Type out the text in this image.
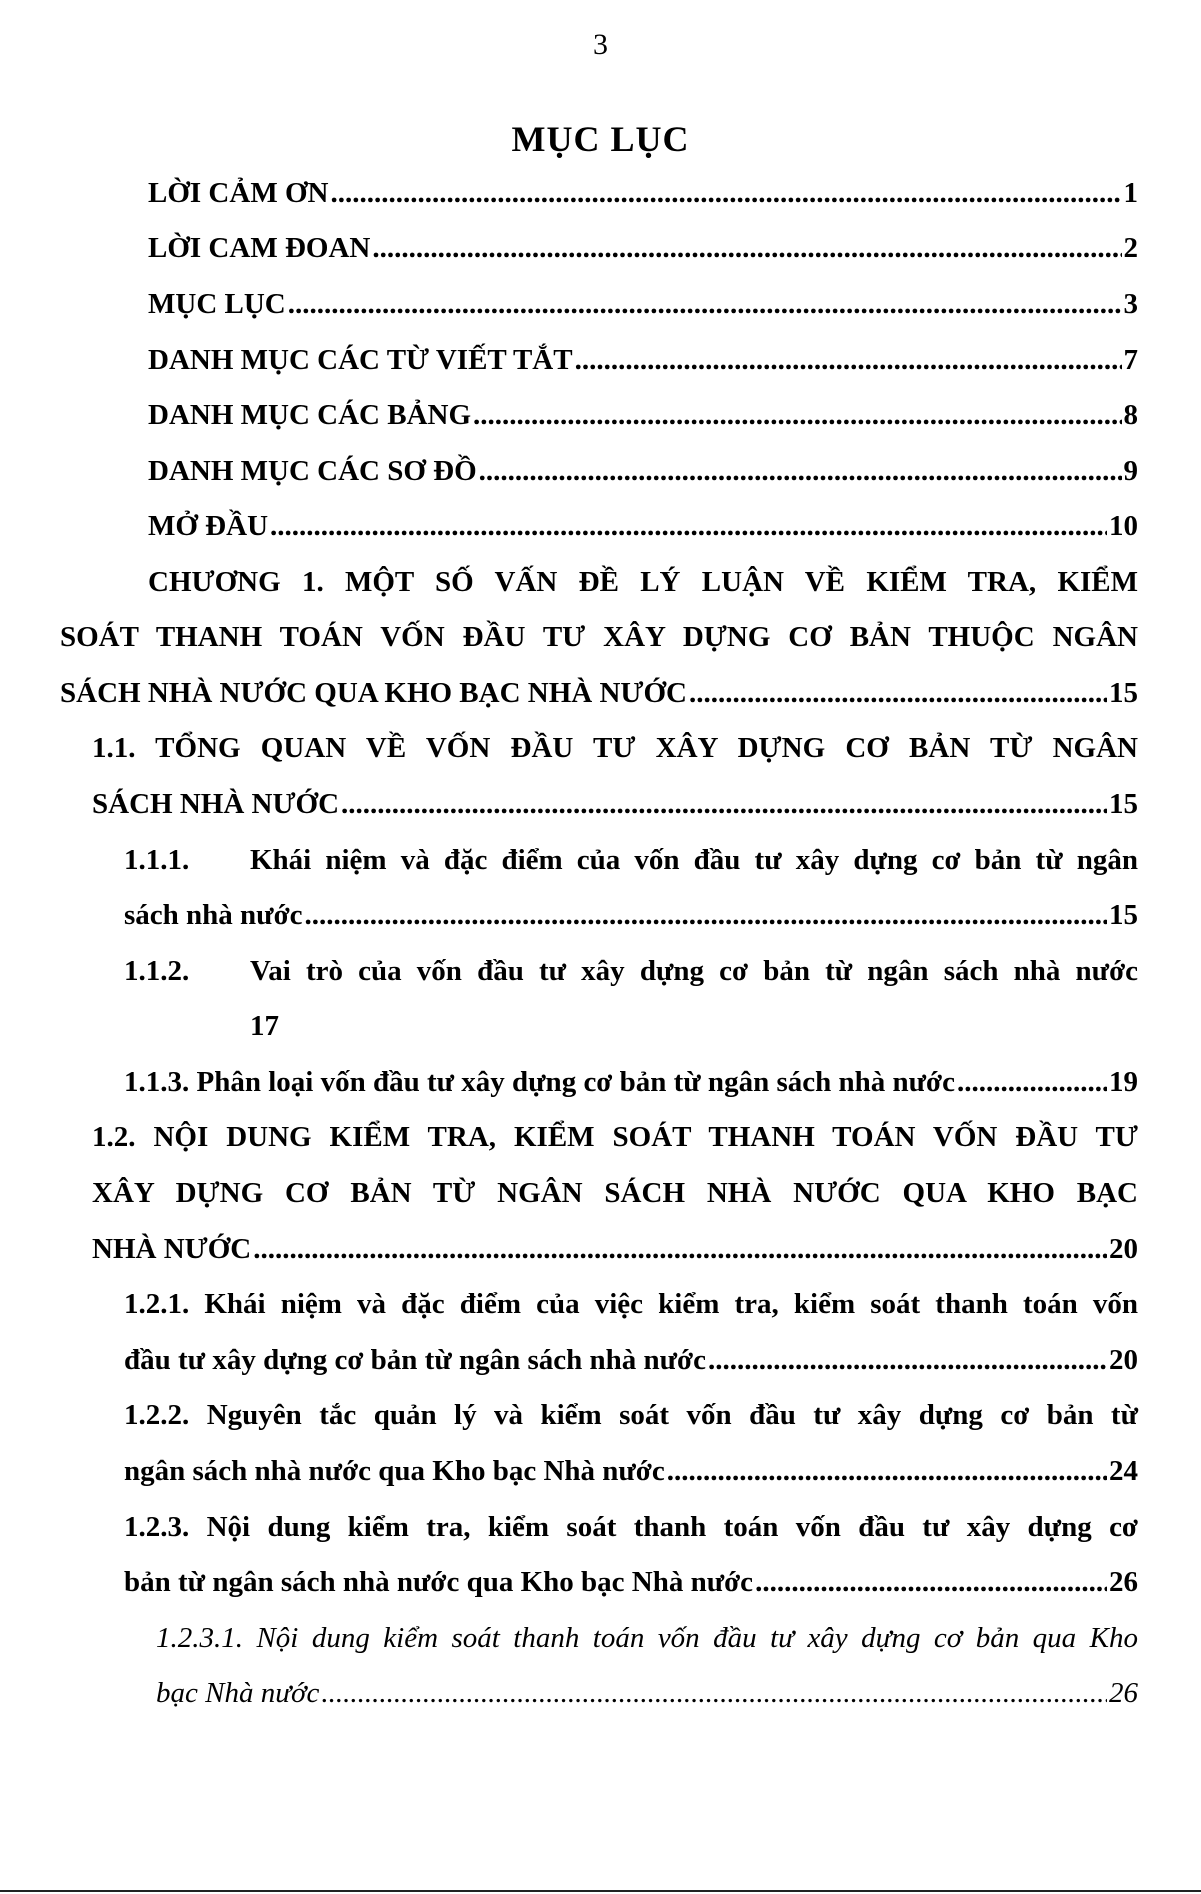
3
MỤC LỤC
LỜI CẢM ƠN .....	1
LỜI CAM ĐOAN .....	2
MỤC LỤC .....	3
DANH MỤC CÁC TỪ VIẾT TẮT .....	7
DANH MỤC CÁC BẢNG .....	8
DANH MỤC CÁC SƠ ĐỒ .....	9
MỞ ĐẦU .....	10
CHƯƠNG 1. MỘT SỐ VẤN ĐỀ LÝ LUẬN VỀ KIỂM TRA, KIỂM
SOÁT THANH TOÁN VỐN ĐẦU TƯ XÂY DỰNG CƠ BẢN THUỘC NGÂN
SÁCH NHÀ NƯỚC QUA KHO BẠC NHÀ NƯỚC .....	15
1.1. TỔNG QUAN VỀ VỐN ĐẦU TƯ XÂY DỰNG CƠ BẢN TỪ NGÂN
SÁCH NHÀ NƯỚC .....	15
1.1.1.	Khái niệm và đặc điểm của vốn đầu tư xây dựng cơ bản từ ngân
sách nhà nước .....	15
1.1.2.	Vai trò của vốn đầu tư xây dựng cơ bản từ ngân sách nhà nước
17
1.1.3. Phân loại vốn đầu tư xây dựng cơ bản từ ngân sách nhà nước .....	19
1.2. NỘI DUNG KIỂM TRA, KIỂM SOÁT THANH TOÁN VỐN ĐẦU TƯ
XÂY DỰNG CƠ BẢN TỪ NGÂN SÁCH NHÀ NƯỚC QUA KHO BẠC
NHÀ NƯỚC .....	20
1.2.1. Khái niệm và đặc điểm của việc kiểm tra, kiểm soát thanh toán vốn
đầu tư xây dựng cơ bản từ ngân sách nhà nước .....	20
1.2.2. Nguyên tắc quản lý và kiểm soát vốn đầu tư xây dựng cơ bản từ
ngân sách nhà nước qua Kho bạc Nhà nước .....	24
1.2.3. Nội dung kiểm tra, kiểm soát thanh toán vốn đầu tư xây dựng cơ
bản từ ngân sách nhà nước qua Kho bạc Nhà nước .....	26
1.2.3.1. Nội dung kiểm soát thanh toán vốn đầu tư xây dựng cơ bản qua Kho
bạc Nhà nước .....	26
